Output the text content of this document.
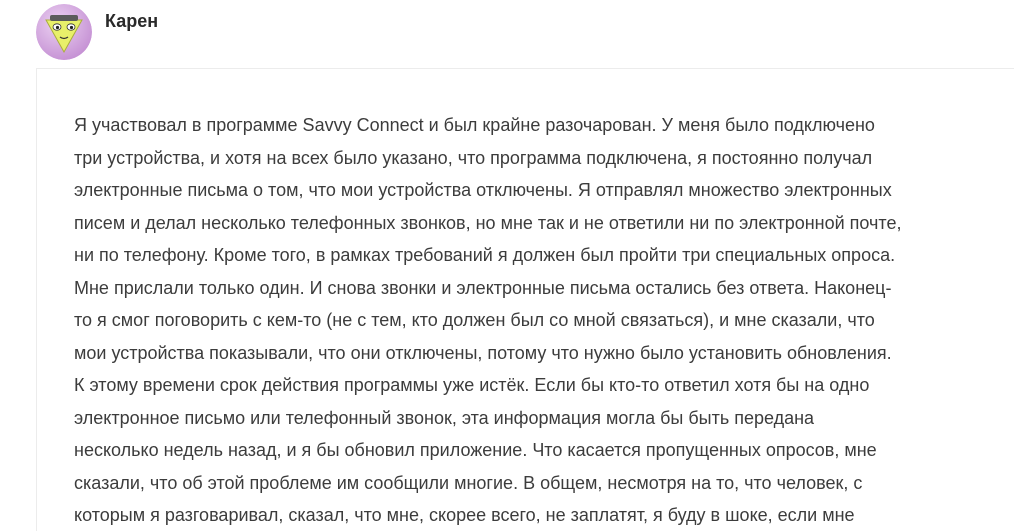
Карен
Я участвовал в программе Savvy Connect и был крайне разочарован. У меня было подключено
три устройства, и хотя на всех было указано, что программа подключена, я постоянно получал
электронные письма о том, что мои устройства отключены. Я отправлял множество электронных
писем и делал несколько телефонных звонков, но мне так и не ответили ни по электронной почте,
ни по телефону. Кроме того, в рамках требований я должен был пройти три специальных опроса.
Мне прислали только один. И снова звонки и электронные письма остались без ответа. Наконец-
то я смог поговорить с кем-то (не с тем, кто должен был со мной связаться), и мне сказали, что
мои устройства показывали, что они отключены, потому что нужно было установить обновления.
К этому времени срок действия программы уже истёк. Если бы кто-то ответил хотя бы на одно
электронное письмо или телефонный звонок, эта информация могла бы быть передана
несколько недель назад, и я бы обновил приложение. Что касается пропущенных опросов, мне
сказали, что об этой проблеме им сообщили многие. В общем, несмотря на то, что человек, с
которым я разговаривал, сказал, что мне, скорее всего, не заплатят, я буду в шоке, если мне
